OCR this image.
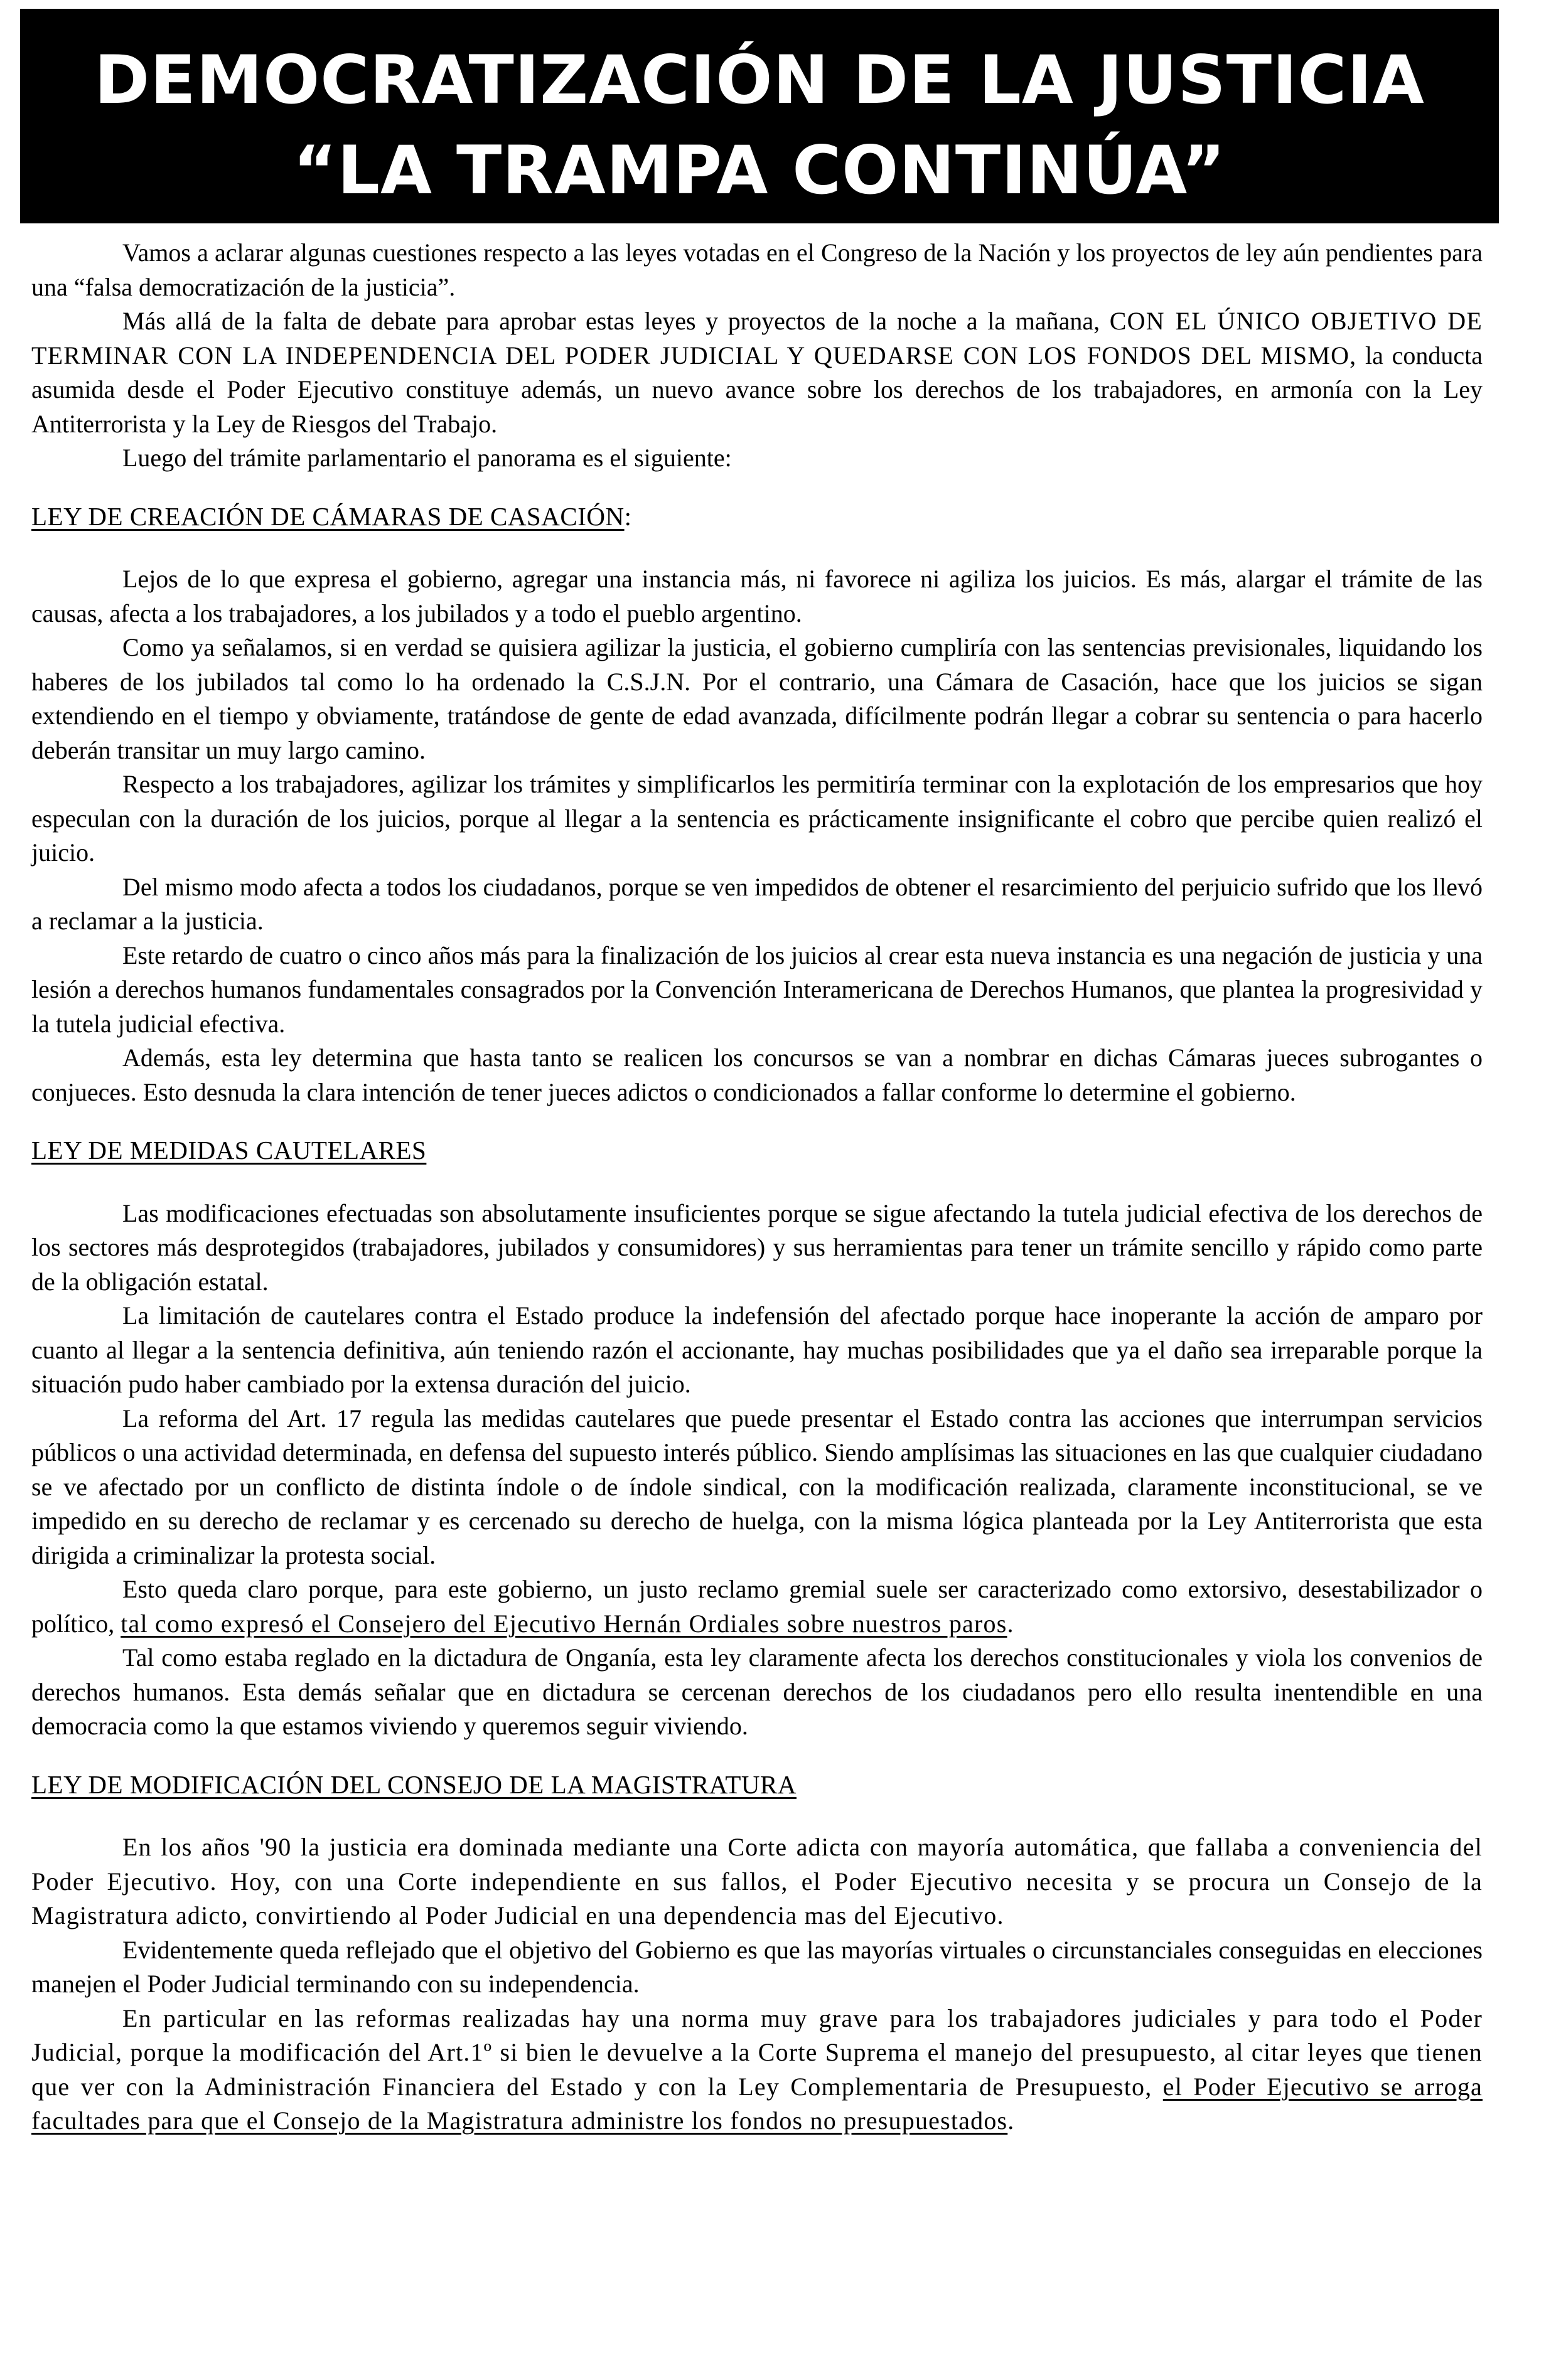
DEMOCRATIZACIÓN DE LA JUSTICIA
“LA TRAMPA CONTINÚA”

Vamos a aclarar algunas cuestiones respecto a las leyes votadas en el Congreso de la Nación y los proyectos de ley aún pendientes para una “falsa democratización de la justicia”.

Más allá de la falta de debate para aprobar estas leyes y proyectos de la noche a la mañana, CON EL ÚNICO OBJETIVO DE TERMINAR CON LA INDEPENDENCIA DEL PODER JUDICIAL Y QUEDARSE CON LOS FONDOS DEL MISMO, la conducta asumida desde el Poder Ejecutivo constituye además, un nuevo avance sobre los derechos de los trabajadores, en armonía con la Ley Antiterrorista y la Ley de Riesgos del Trabajo.

Luego del trámite parlamentario el panorama es el siguiente:

LEY DE CREACIÓN DE CÁMARAS DE CASACIÓN:

Lejos de lo que expresa el gobierno, agregar una instancia más, ni favorece ni agiliza los juicios. Es más, alargar el trámite de las causas, afecta a los trabajadores, a los jubilados y a todo el pueblo argentino.

Como ya señalamos, si en verdad se quisiera agilizar la justicia, el gobierno cumpliría con las sentencias previsionales, liquidando los haberes de los jubilados tal como lo ha ordenado la C.S.J.N. Por el contrario, una Cámara de Casación, hace que los juicios se sigan extendiendo en el tiempo y obviamente, tratándose de gente de edad avanzada, difícilmente podrán llegar a cobrar su sentencia o para hacerlo deberán transitar un muy largo camino.

Respecto a los trabajadores, agilizar los trámites y simplificarlos les permitiría terminar con la explotación de los empresarios que hoy especulan con la duración de los juicios, porque al llegar a la sentencia es prácticamente insignificante el cobro que percibe quien realizó el juicio.

Del mismo modo afecta a todos los ciudadanos, porque se ven impedidos de obtener el resarcimiento del perjuicio sufrido que los llevó a reclamar a la justicia.

Este retardo de cuatro o cinco años más para la finalización de los juicios al crear esta nueva instancia es una negación de justicia y una lesión a derechos humanos fundamentales consagrados por la Convención Interamericana de Derechos Humanos, que plantea la progresividad y la tutela judicial efectiva.

Además, esta ley determina que hasta tanto se realicen los concursos se van a nombrar en dichas Cámaras jueces subrogantes o conjueces. Esto desnuda la clara intención de tener jueces adictos o condicionados a fallar conforme lo determine el gobierno.

LEY DE MEDIDAS CAUTELARES

Las modificaciones efectuadas son absolutamente insuficientes porque se sigue afectando la tutela judicial efectiva de los derechos de los sectores más desprotegidos (trabajadores, jubilados y consumidores) y sus herramientas para tener un trámite sencillo y rápido como parte de la obligación estatal.

La limitación de cautelares contra el Estado produce la indefensión del afectado porque hace inoperante la acción de amparo por cuanto al llegar a la sentencia definitiva, aún teniendo razón el accionante, hay muchas posibilidades que ya el daño sea irreparable porque la situación pudo haber cambiado por la extensa duración del juicio.

La reforma del Art. 17 regula las medidas cautelares que puede presentar el Estado contra las acciones que interrumpan servicios públicos o una actividad determinada, en defensa del supuesto interés público. Siendo amplísimas las situaciones en las que cualquier ciudadano se ve afectado por un conflicto de distinta índole o de índole sindical, con la modificación realizada, claramente inconstitucional, se ve impedido en su derecho de reclamar y es cercenado su derecho de huelga, con la misma lógica planteada por la Ley Antiterrorista que esta dirigida a criminalizar la protesta social.

Esto queda claro porque, para este gobierno, un justo reclamo gremial suele ser caracterizado como extorsivo, desestabilizador o político, tal como expresó el Consejero del Ejecutivo Hernán Ordiales sobre nuestros paros.

Tal como estaba reglado en la dictadura de Onganía, esta ley claramente afecta los derechos constitucionales y viola los convenios de derechos humanos. Esta demás señalar que en dictadura se cercenan derechos de los ciudadanos pero ello resulta inentendible en una democracia como la que estamos viviendo y queremos seguir viviendo.

LEY DE MODIFICACIÓN DEL CONSEJO DE LA MAGISTRATURA

En los años '90 la justicia era dominada mediante una Corte adicta con mayoría automática, que fallaba a conveniencia del Poder Ejecutivo. Hoy, con una Corte independiente en sus fallos, el Poder Ejecutivo necesita y se procura un Consejo de la Magistratura adicto, convirtiendo al Poder Judicial en una dependencia mas del Ejecutivo.

Evidentemente queda reflejado que el objetivo del Gobierno es que las mayorías virtuales o circunstanciales conseguidas en elecciones manejen el Poder Judicial terminando con su independencia.

En particular en las reformas realizadas hay una norma muy grave para los trabajadores judiciales y para todo el Poder Judicial, porque la modificación del Art.1º si bien le devuelve a la Corte Suprema el manejo del presupuesto, al citar leyes que tienen que ver con la Administración Financiera del Estado y con la Ley Complementaria de Presupuesto, el Poder Ejecutivo se arroga facultades para que el Consejo de la Magistratura administre los fondos no presupuestados.
